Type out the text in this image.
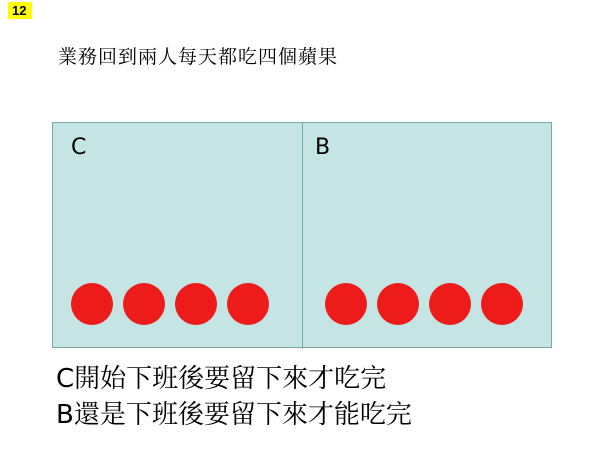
12
業務回到兩人每天都吃四個蘋果
C	B
C開始下班後要留下來才吃完
B還是下班後要留下來才能吃完
